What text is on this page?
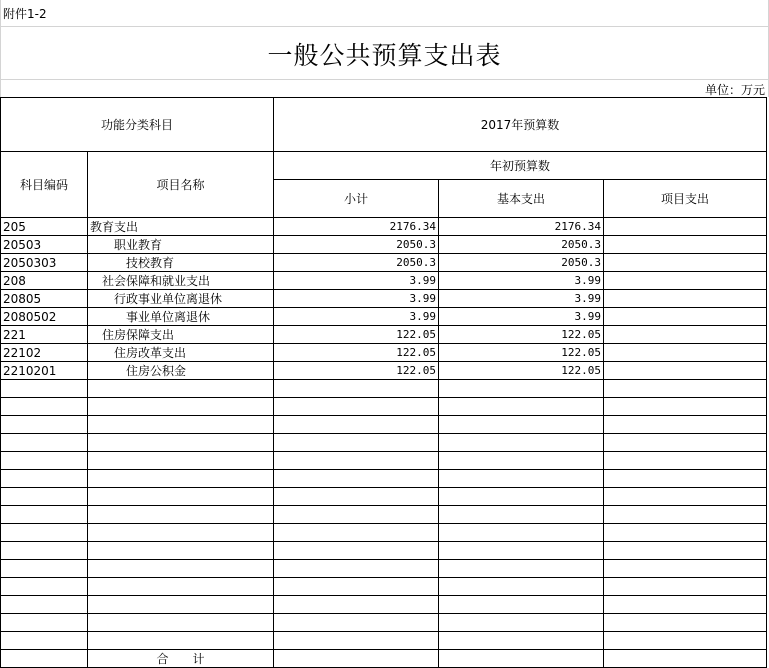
附件1-2
一般公共预算支出表
单位：万元
功能分类科目		2017年预算数		
科目编码	项目名称	年初预算数		
		小计	基本支出	项目支出
205	教育支出	2176.34	2176.34	
20503	职业教育	2050.3	2050.3	
2050303	技校教育	2050.3	2050.3	
208	社会保障和就业支出	3.99	3.99	
20805	行政事业单位离退休	3.99	3.99	
2080502	事业单位离退休	3.99	3.99	
221	住房保障支出	122.05	122.05	
22102	住房改革支出	122.05	122.05	
2210201	住房公积金	122.05	122.05	

	合　　计			
